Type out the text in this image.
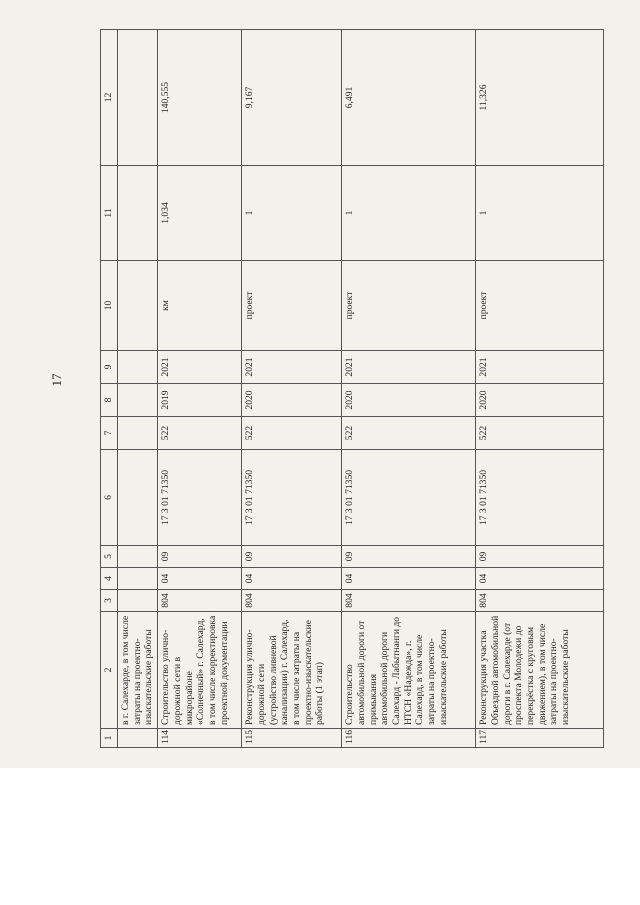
17
1	2	3	4	5	6	7	8	9	10	11	12
	в г. Салехарде, в том числе затраты на проектно-изыскательские работы										
114	Строительство улично-дорожной сети в микрорайоне «Солнечный» г. Салехард, в том числе корректировка проектной документации	804	04	09	17 3 01 71350	522	2019	2021	км	1,034	140,555
115	Реконструкция улично-дорожной сети (устройство ливневой канализации) г. Салехард, в том числе затраты на проектно-изыскательские работы (1 этап)	804	04	09	17 3 01 71350	522	2020	2021	проект	1	9,167
116	Строительство автомобильной дороги от примыкания автомобильной дороги Салехард - Лабытнанги до НТСН «Надежда», г. Салехард, в том числе затраты на проектно-изыскательские работы	804	04	09	17 3 01 71350	522	2020	2021	проект	1	6,491
117	Реконструкция участка Объездной автомобильной дороги в г. Салехарде (от проспекта Молодежи до перекрёстка с круговым движением), в том числе затраты на проектно-изыскательские работы	804	04	09	17 3 01 71350	522	2020	2021	проект	1	11,326
